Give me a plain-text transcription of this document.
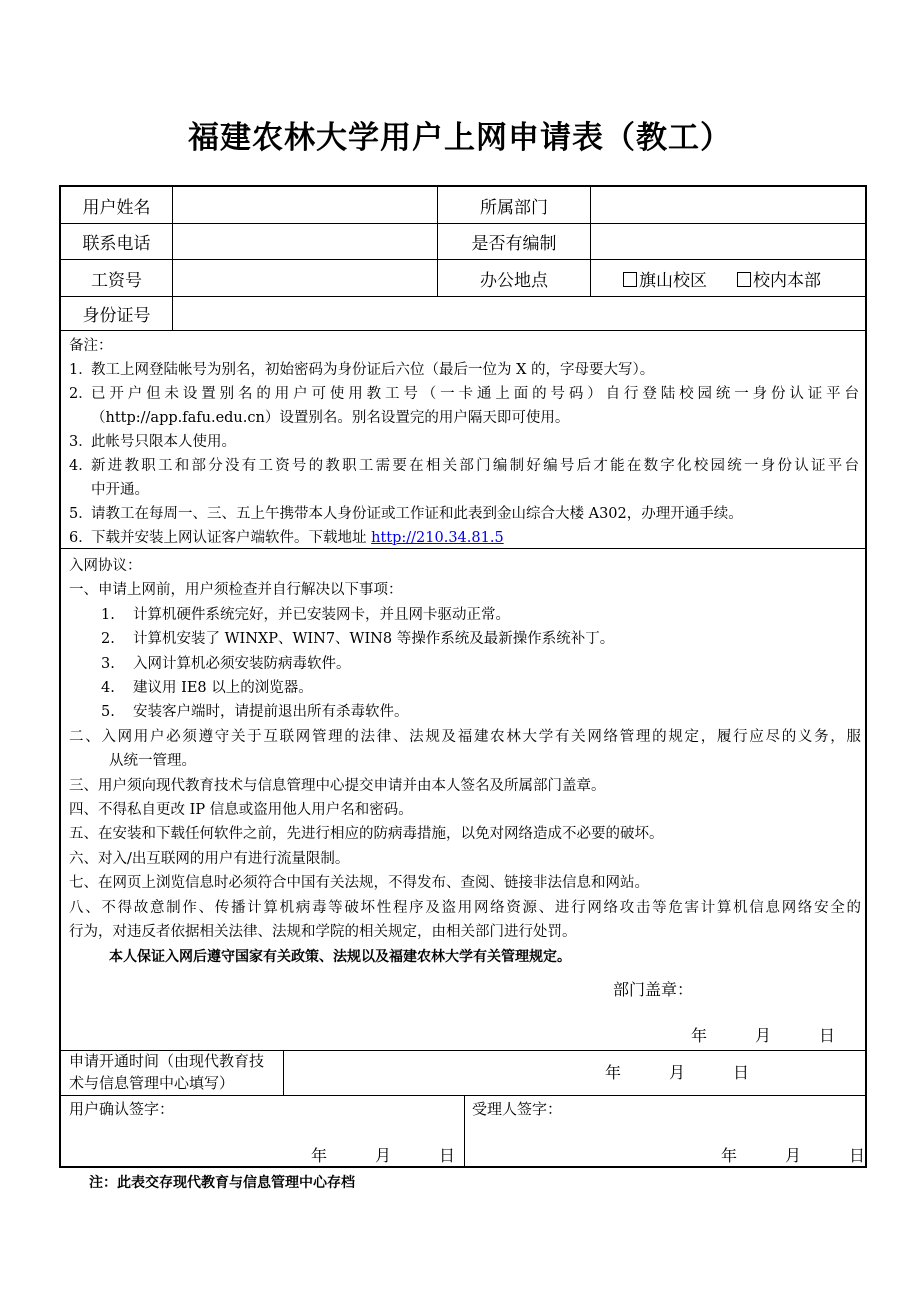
福建农林大学用户上网申请表（教工）
用户姓名	所属部门
联系电话	是否有编制
工资号	办公地点	旗山校区	校内本部
身份证号
备注：
1．
教工上网登陆帐号为别名，初始密码为身份证后六位（最后一位为 X 的，字母要大写）。
2．
已开户但未设置别名的用户可使用教工号（一卡通上面的号码）自行登陆校园统一身份认证平台
（http://app.fafu.edu.cn）设置别名。别名设置完的用户隔天即可使用。
3．
此帐号只限本人使用。
4．
新进教职工和部分没有工资号的教职工需要在相关部门编制好编号后才能在数字化校园统一身份认证平台
中开通。
5．
请教工在每周一、三、五上午携带本人身份证或工作证和此表到金山综合大楼 A302，办理开通手续。
6．
下载并安装上网认证客户端软件。下载地址 http://210.34.81.5
入网协议：
一、申请上网前，用户须检查并自行解决以下事项：
1.	计算机硬件系统完好，并已安装网卡，并且网卡驱动正常。
2.	计算机安装了 WINXP、WIN7、WIN8 等操作系统及最新操作系统补丁。
3.	入网计算机必须安装防病毒软件。
4.	建议用 IE8 以上的浏览器。
5.	安装客户端时，请提前退出所有杀毒软件。
二、入网用户必须遵守关于互联网管理的法律、法规及福建农林大学有关网络管理的规定，履行应尽的义务，服
从统一管理。
三、用户须向现代教育技术与信息管理中心提交申请并由本人签名及所属部门盖章。
四、不得私自更改 IP 信息或盗用他人用户名和密码。
五、在安装和下载任何软件之前，先进行相应的防病毒措施，以免对网络造成不必要的破坏。
六、对入/出互联网的用户有进行流量限制。
七、在网页上浏览信息时必须符合中国有关法规，不得发布、查阅、链接非法信息和网站。
八、不得故意制作、传播计算机病毒等破坏性程序及盗用网络资源、进行网络攻击等危害计算机信息网络安全的
行为，对违反者依据相关法律、法规和学院的相关规定，由相关部门进行处罚。
本人保证入网后遵守国家有关政策、法规以及福建农林大学有关管理规定。
部门盖章：
年　　　月　　　日
申请开通时间（由现代教育技
术与信息管理中心填写）
年　　　月　　　日
用户确认签字：
年　　　月　　　日
受理人签字：
年　　　月　　　日
注：此表交存现代教育与信息管理中心存档
